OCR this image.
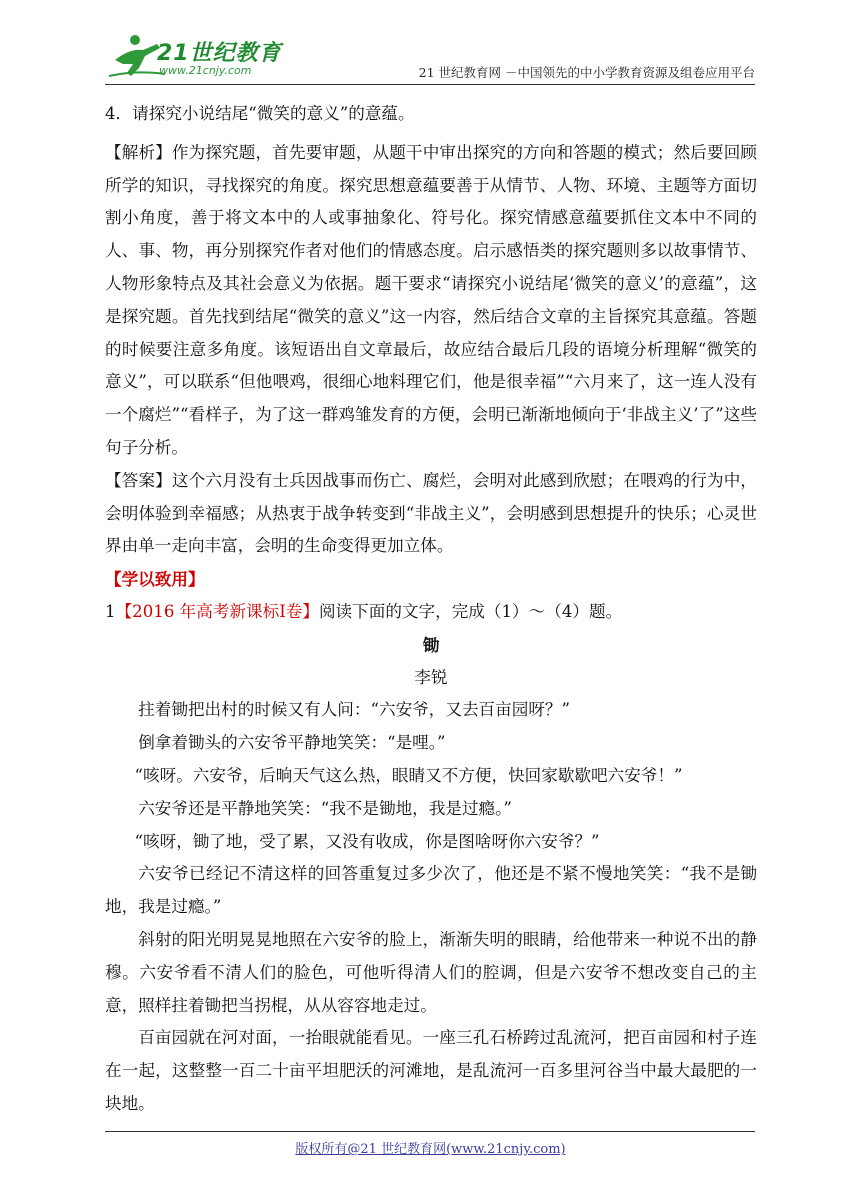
21世纪教育
www.21cnjy.com	21 世纪教育网 －中国领先的中小学教育资源及组卷应用平台

4．请探究小说结尾“微笑的意义”的意蕴。

【解析】作为探究题，首先要审题，从题干中审出探究的方向和答题的模式；然后要回顾所学的知识，寻找探究的角度。探究思想意蕴要善于从情节、人物、环境、主题等方面切割小角度，善于将文本中的人或事抽象化、符号化。探究情感意蕴要抓住文本中不同的人、事、物，再分别探究作者对他们的情感态度。启示感悟类的探究题则多以故事情节、人物形象特点及其社会意义为依据。题干要求“请探究小说结尾‘微笑的意义’的意蕴”，这是探究题。首先找到结尾“微笑的意义”这一内容，然后结合文章的主旨探究其意蕴。答题的时候要注意多角度。该短语出自文章最后，故应结合最后几段的语境分析理解“微笑的意义”，可以联系“但他喂鸡，很细心地料理它们，他是很幸福”“六月来了，这一连人没有一个腐烂”“看样子，为了这一群鸡雏发育的方便，会明已渐渐地倾向于‘非战主义’了”这些句子分析。

【答案】这个六月没有士兵因战事而伤亡、腐烂，会明对此感到欣慰；在喂鸡的行为中，会明体验到幸福感；从热衷于战争转变到“非战主义”，会明感到思想提升的快乐；心灵世界由单一走向丰富，会明的生命变得更加立体。

【学以致用】

1【2016 年高考新课标Ⅰ卷】阅读下面的文字，完成（1）～（4）题。

锄

李锐

拄着锄把出村的时候又有人问：“六安爷，又去百亩园呀？”

倒拿着锄头的六安爷平静地笑笑：“是哩。”

“咳呀。六安爷，后晌天气这么热，眼睛又不方便，快回家歇歇吧六安爷！”

六安爷还是平静地笑笑：“我不是锄地，我是过瘾。”

“咳呀，锄了地，受了累，又没有收成，你是图啥呀你六安爷？”

六安爷已经记不清这样的回答重复过多少次了，他还是不紧不慢地笑笑：“我不是锄地，我是过瘾。”

斜射的阳光明晃晃地照在六安爷的脸上，渐渐失明的眼睛，给他带来一种说不出的静穆。六安爷看不清人们的脸色，可他听得清人们的腔调，但是六安爷不想改变自己的主意，照样拄着锄把当拐棍，从从容容地走过。

百亩园就在河对面，一抬眼就能看见。一座三孔石桥跨过乱流河，把百亩园和村子连在一起，这整整一百二十亩平坦肥沃的河滩地，是乱流河一百多里河谷当中最大最肥的一块地。

版权所有@21 世纪教育网(www.21cnjy.com)
